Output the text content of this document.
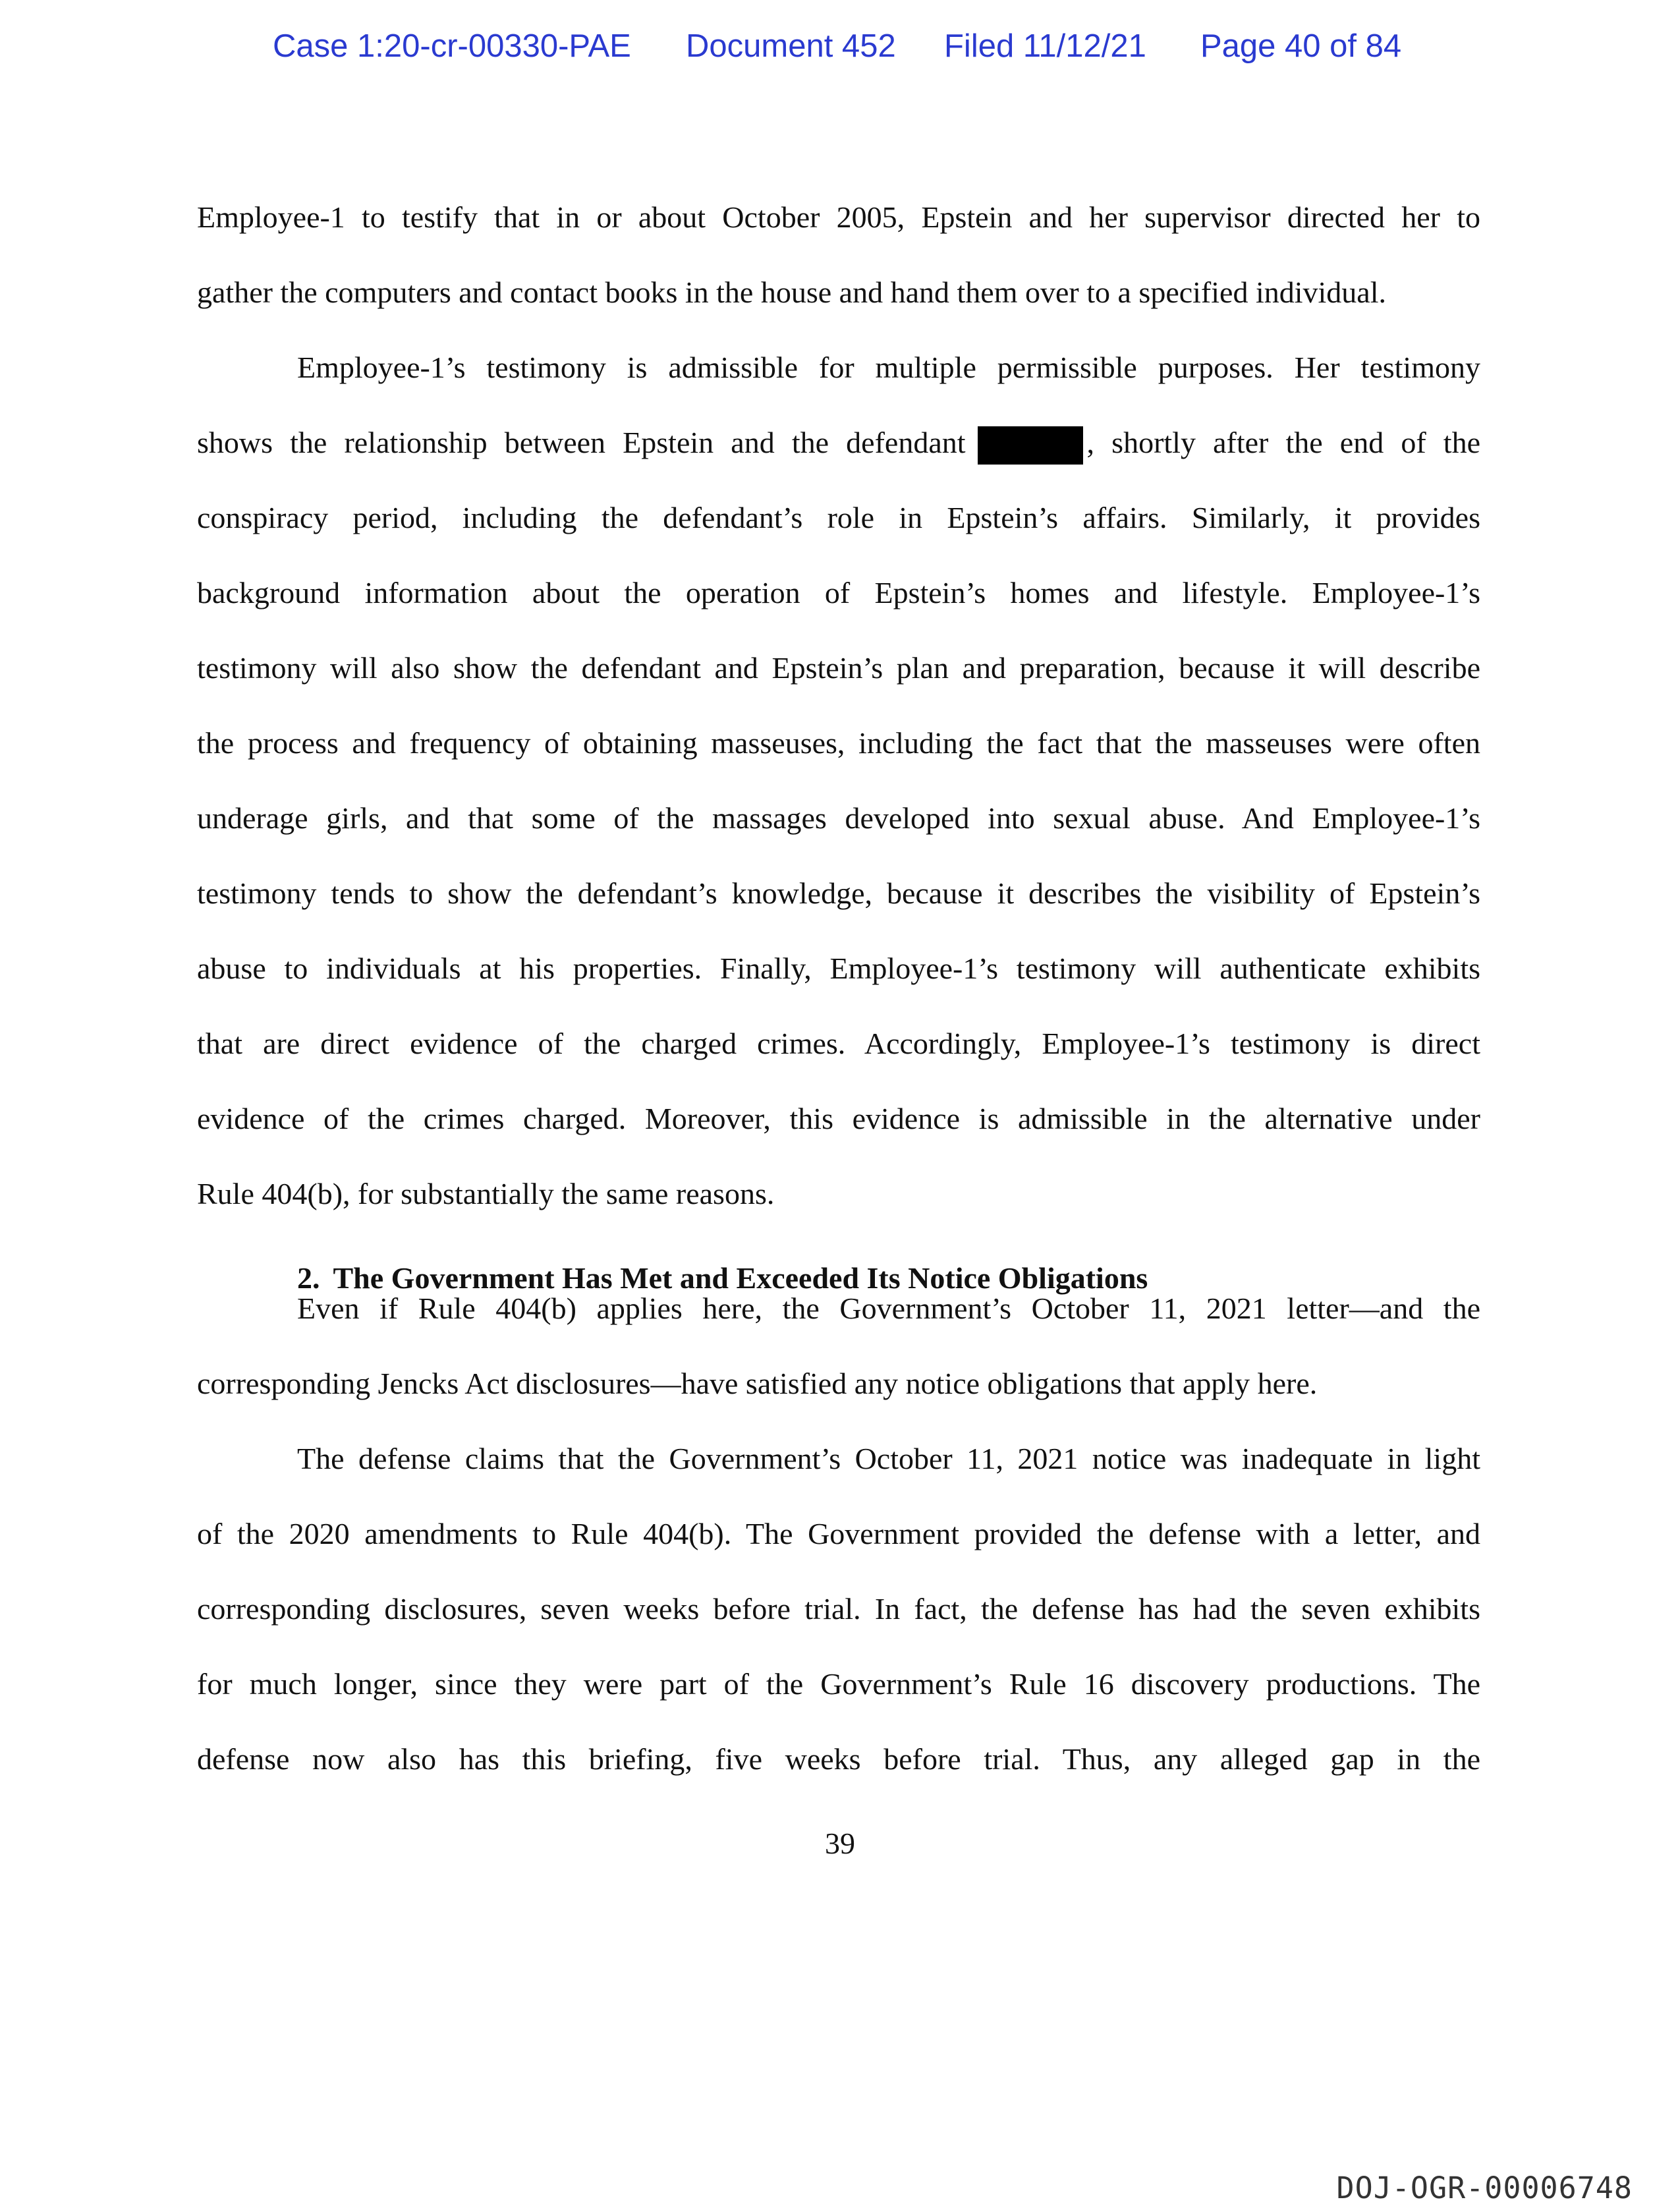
Case 1:20-cr-00330-PAE Document 452 Filed 11/12/21 Page 40 of 84
Employee-1 to testify that in or about October 2005, Epstein and her supervisor directed her to
gather the computers and contact books in the house and hand them over to a specified individual.
Employee-1’s testimony is admissible for multiple permissible purposes. Her testimony
shows the relationship between Epstein and the defendant	, shortly after the end of the
conspiracy period, including the defendant’s role in Epstein’s affairs. Similarly, it provides
background information about the operation of Epstein’s homes and lifestyle. Employee-1’s
testimony will also show the defendant and Epstein’s plan and preparation, because it will describe
the process and frequency of obtaining masseuses, including the fact that the masseuses were often
underage girls, and that some of the massages developed into sexual abuse. And Employee-1’s
testimony tends to show the defendant’s knowledge, because it describes the visibility of Epstein’s
abuse to individuals at his properties. Finally, Employee-1’s testimony will authenticate exhibits
that are direct evidence of the charged crimes. Accordingly, Employee-1’s testimony is direct
evidence of the crimes charged. Moreover, this evidence is admissible in the alternative under
Rule 404(b), for substantially the same reasons.
Even if Rule 404(b) applies here, the Government’s October 11, 2021 letter—and the
corresponding Jencks Act disclosures—have satisfied any notice obligations that apply here.
The defense claims that the Government’s October 11, 2021 notice was inadequate in light
of the 2020 amendments to Rule 404(b). The Government provided the defense with a letter, and
corresponding disclosures, seven weeks before trial. In fact, the defense has had the seven exhibits
for much longer, since they were part of the Government’s Rule 16 discovery productions. The
defense now also has this briefing, five weeks before trial. Thus, any alleged gap in the
2. The Government Has Met and Exceeded Its Notice Obligations
39
DOJ-OGR-00006748
